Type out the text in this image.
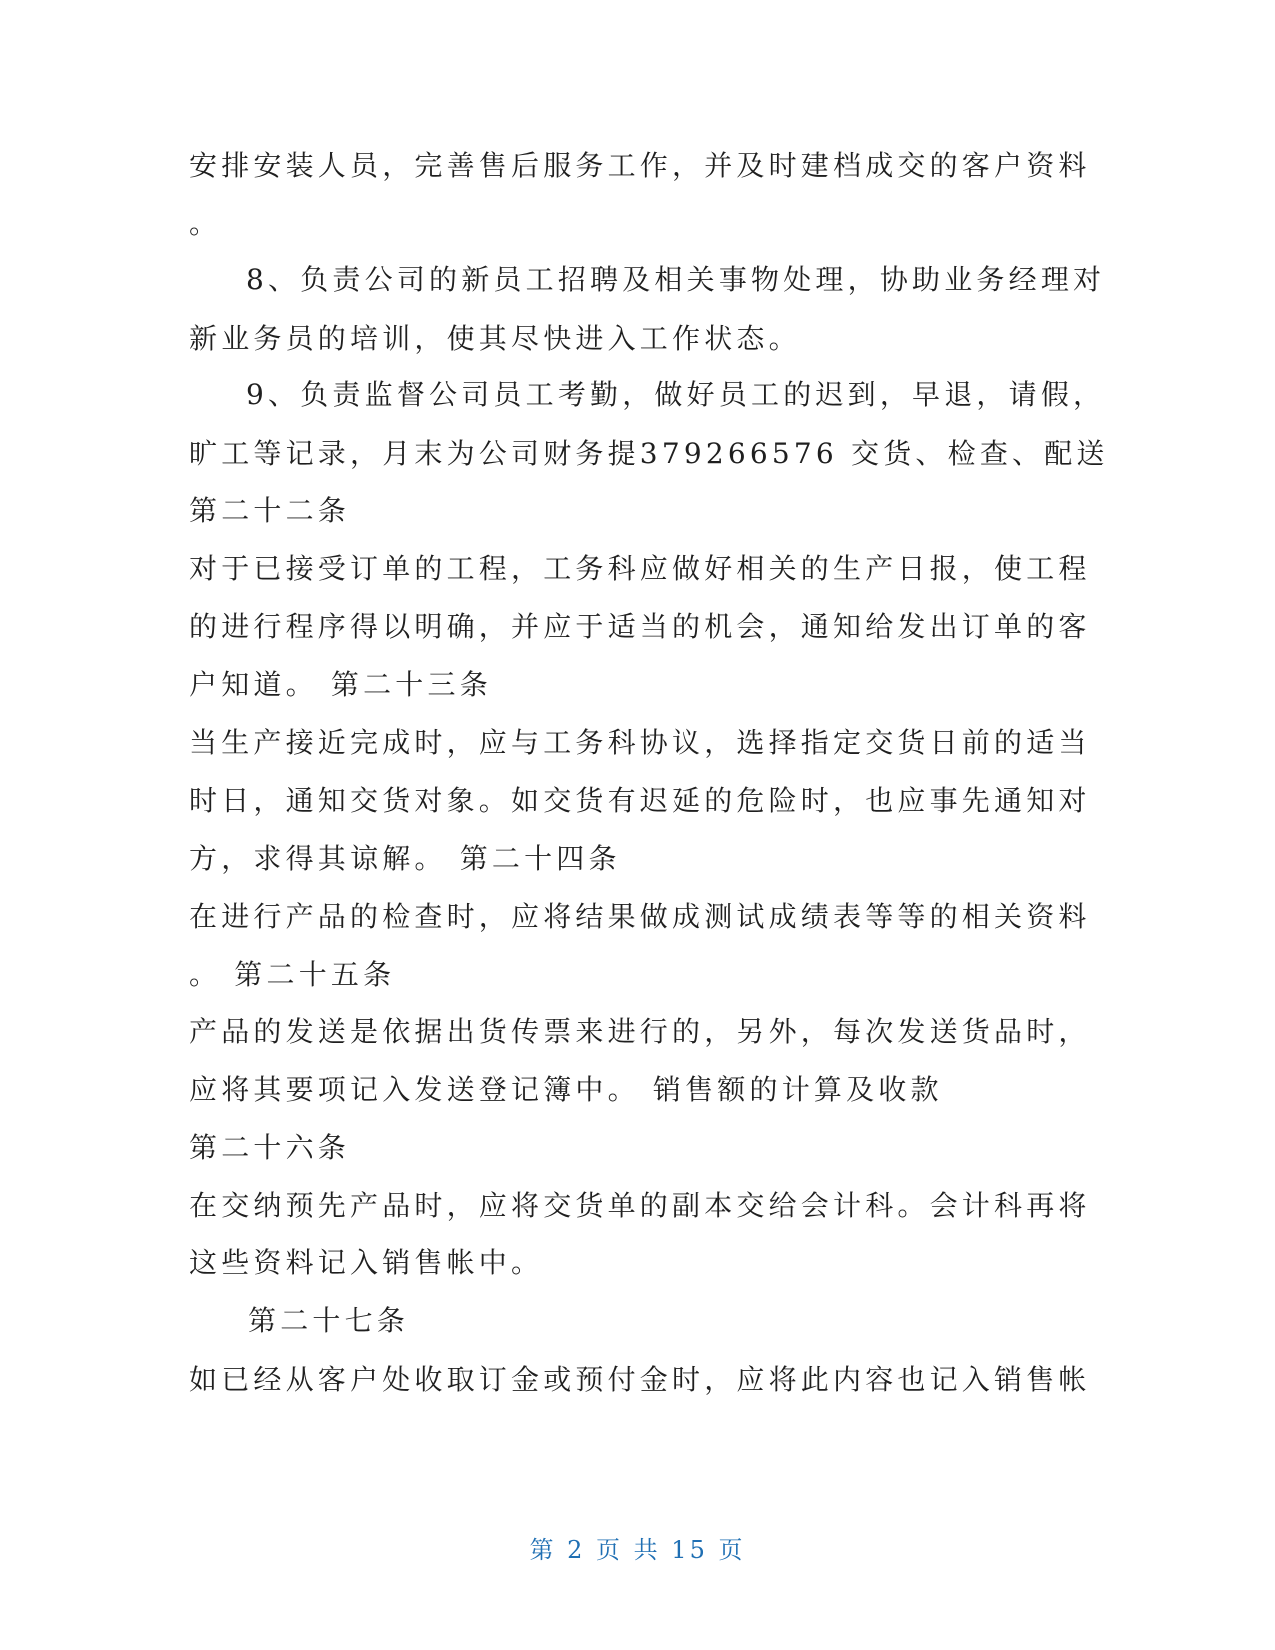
安排安装人员，完善售后服务工作，并及时建档成交的客户资料
。
8、负责公司的新员工招聘及相关事物处理，协助业务经理对
新业务员的培训，使其尽快进入工作状态。
9、负责监督公司员工考勤，做好员工的迟到，早退，请假，
旷工等记录，月末为公司财务提379266576 交货、检查、配送
第二十二条
对于已接受订单的工程，工务科应做好相关的生产日报，使工程
的进行程序得以明确，并应于适当的机会，通知给发出订单的客
户知道。 第二十三条
当生产接近完成时，应与工务科协议，选择指定交货日前的适当
时日，通知交货对象。如交货有迟延的危险时，也应事先通知对
方，求得其谅解。 第二十四条
在进行产品的检查时，应将结果做成测试成绩表等等的相关资料
。 第二十五条
产品的发送是依据出货传票来进行的，另外，每次发送货品时，
应将其要项记入发送登记簿中。 销售额的计算及收款
第二十六条
在交纳预先产品时，应将交货单的副本交给会计科。会计科再将
这些资料记入销售帐中。
第二十七条
如已经从客户处收取订金或预付金时，应将此内容也记入销售帐
第 2 页 共 15 页
